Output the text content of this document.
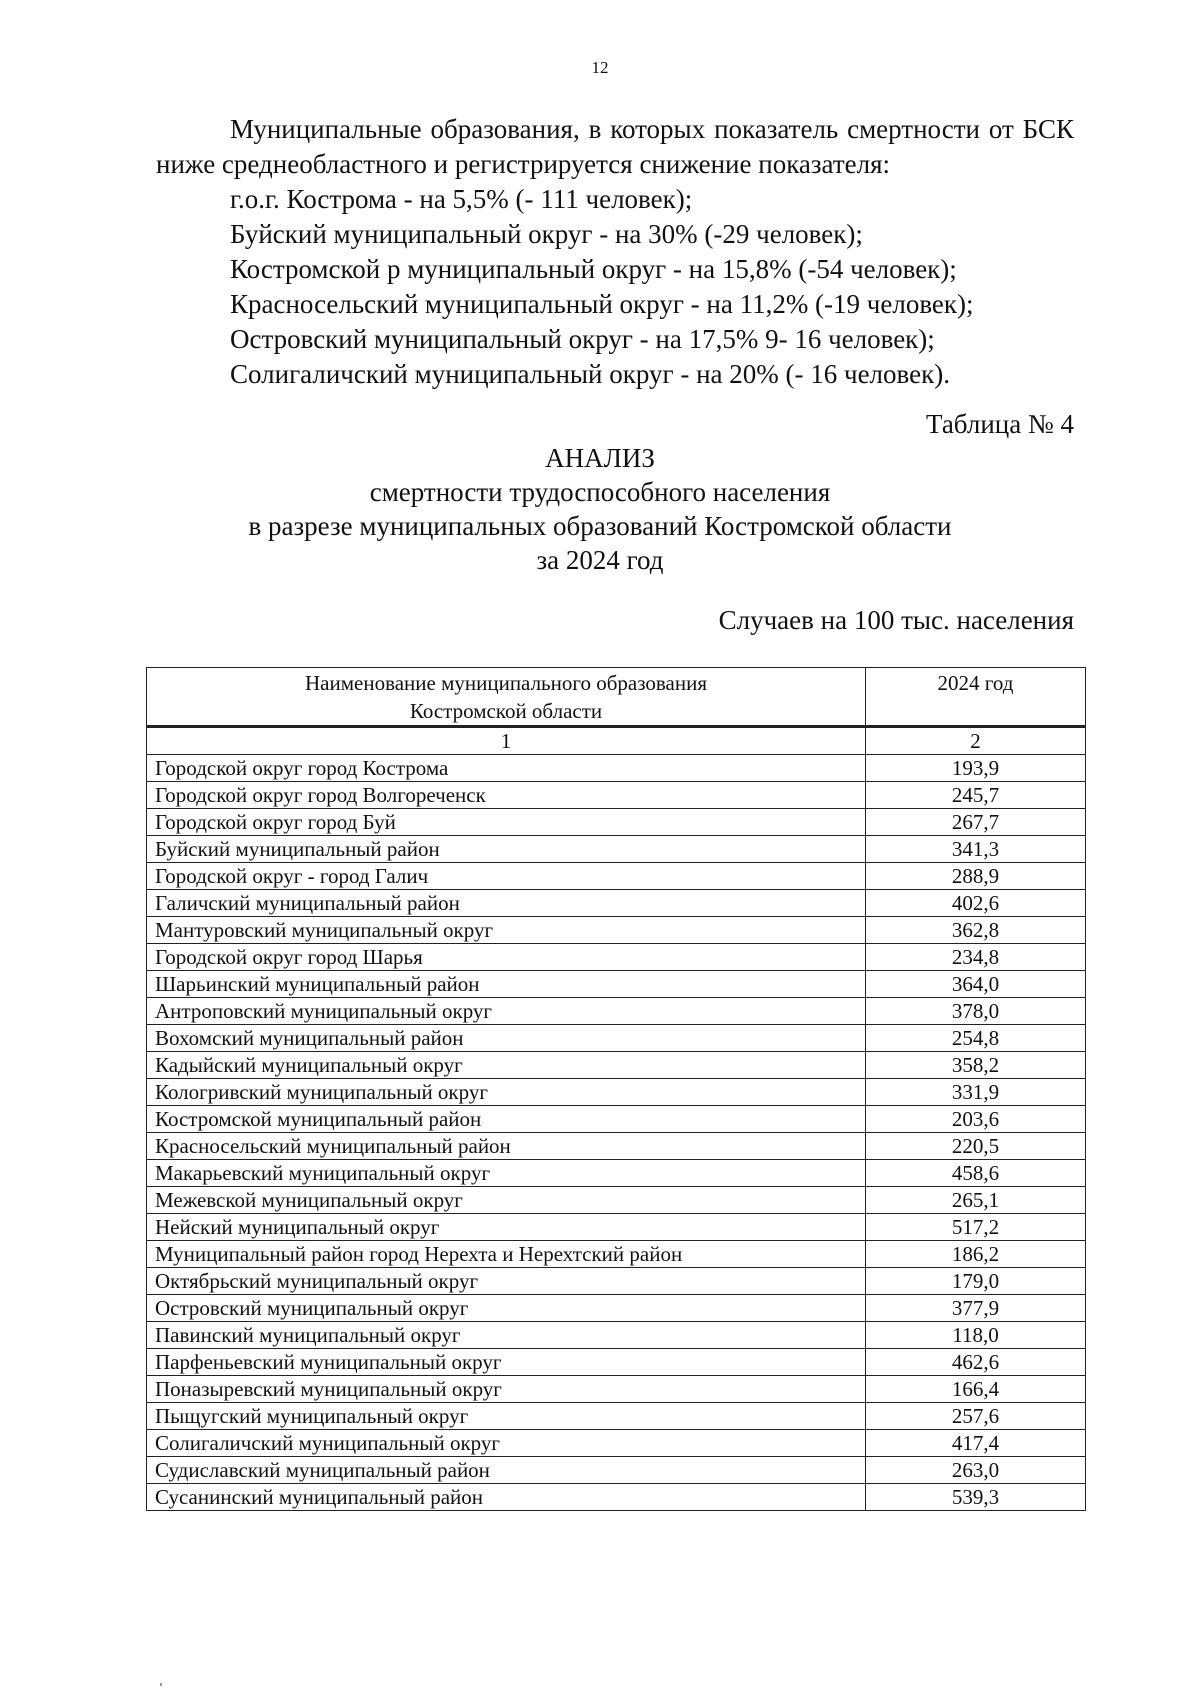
12

Муниципальные образования, в которых показатель смертности от БСК ниже среднеобластного и регистрируется снижение показателя:

г.о.г. Кострома - на 5,5% (- 111 человек);

Буйский муниципальный округ - на 30% (-29 человек);

Костромской р муниципальный округ - на 15,8% (-54 человек);

Красносельский муниципальный округ - на 11,2% (-19 человек);

Островский муниципальный округ - на 17,5% 9- 16 человек);

Солигаличский муниципальный округ - на 20% (- 16 человек).

Таблица № 4
АНАЛИЗ
смертности трудоспособного населения
в разрезе муниципальных образований Костромской области
за 2024 год
Случаев на 100 тыс. населения
Наименование муниципального образования
Костромской области	2024 год
1	2
Городской округ город Кострома	193,9
Городской округ город Волгореченск	245,7
Городской округ город Буй	267,7
Буйский муниципальный район	341,3
Городской округ - город Галич	288,9
Галичский муниципальный район	402,6
Мантуровский муниципальный округ	362,8
Городской округ город Шарья	234,8
Шарьинский муниципальный район	364,0
Антроповский муниципальный округ	378,0
Вохомский муниципальный район	254,8
Кадыйский муниципальный округ	358,2
Кологривский муниципальный округ	331,9
Костромской муниципальный район	203,6
Красносельский муниципальный район	220,5
Макарьевский муниципальный округ	458,6
Межевской муниципальный округ	265,1
Нейский муниципальный округ	517,2
Муниципальный район город Нерехта и Нерехтский район	186,2
Октябрьский муниципальный округ	179,0
Островский муниципальный округ	377,9
Павинский муниципальный округ	118,0
Парфеньевский муниципальный округ	462,6
Поназыревский муниципальный округ	166,4
Пыщугский муниципальный округ	257,6
Солигаличский муниципальный округ	417,4
Судиславский муниципальный район	263,0
Сусанинский муниципальный район	539,3
